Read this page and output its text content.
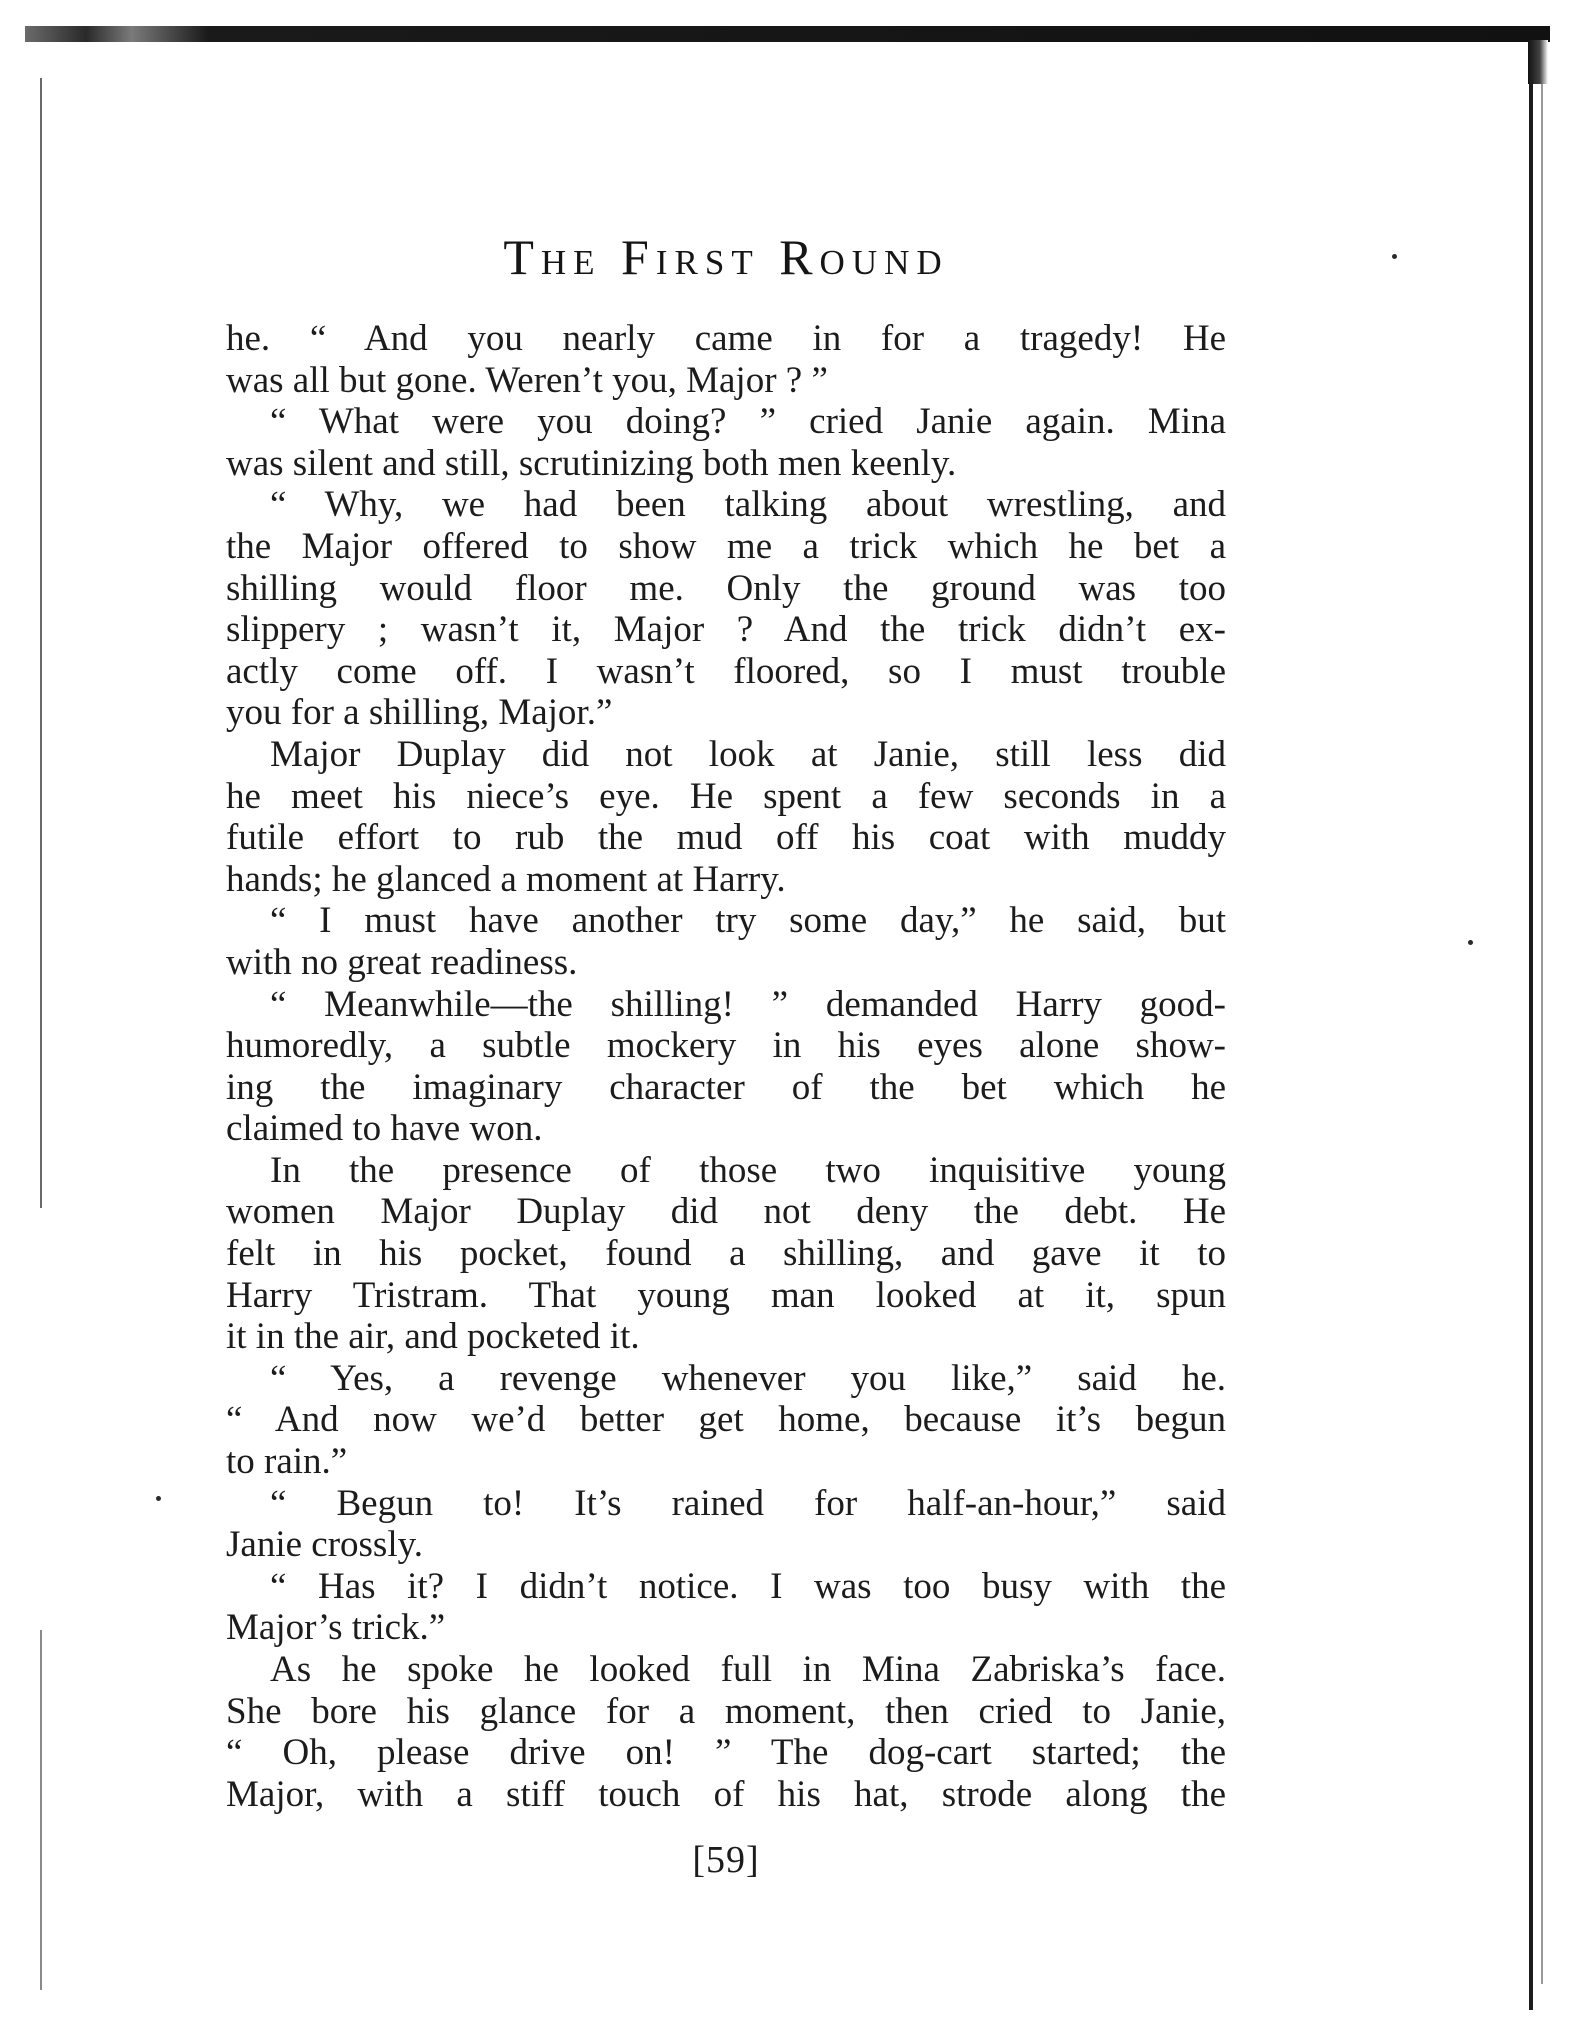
The First Round
he. “ And you nearly came in for a tragedy! He
was all but gone. Weren’t you, Major ? ”
“ What were you doing? ” cried Janie again. Mina
was silent and still, scrutinizing both men keenly.
“ Why, we had been talking about wrestling, and
the Major offered to show me a trick which he bet a
shilling would floor me. Only the ground was too
slippery ; wasn’t it, Major ? And the trick didn’t ex-
actly come off. I wasn’t floored, so I must trouble
you for a shilling, Major.”
Major Duplay did not look at Janie, still less did
he meet his niece’s eye. He spent a few seconds in a
futile effort to rub the mud off his coat with muddy
hands; he glanced a moment at Harry.
“ I must have another try some day,” he said, but
with no great readiness.
“ Meanwhile—the shilling! ” demanded Harry good-
humoredly, a subtle mockery in his eyes alone show-
ing the imaginary character of the bet which he
claimed to have won.
In the presence of those two inquisitive young
women Major Duplay did not deny the debt. He
felt in his pocket, found a shilling, and gave it to
Harry Tristram. That young man looked at it, spun
it in the air, and pocketed it.
“ Yes, a revenge whenever you like,” said he.
“ And now we’d better get home, because it’s begun
to rain.”
“ Begun to! It’s rained for half-an-hour,” said
Janie crossly.
“ Has it? I didn’t notice. I was too busy with the
Major’s trick.”
As he spoke he looked full in Mina Zabriska’s face.
She bore his glance for a moment, then cried to Janie,
“ Oh, please drive on! ” The dog-cart started; the
Major, with a stiff touch of his hat, strode along the
[59]
